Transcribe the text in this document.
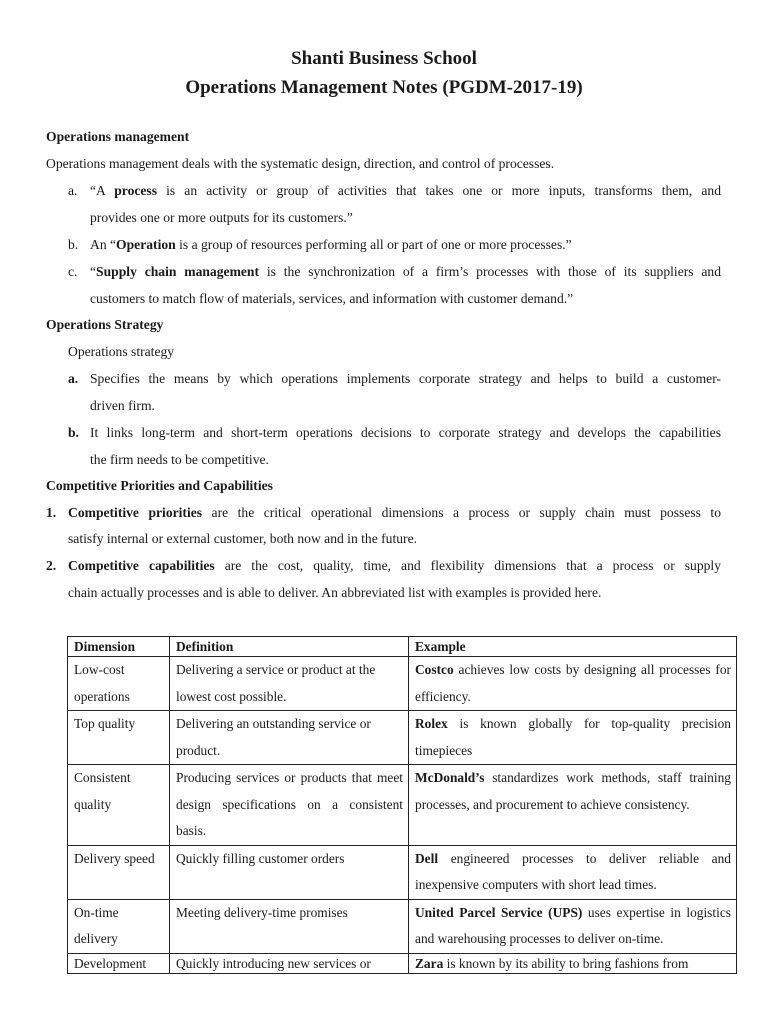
Shanti Business School
Operations Management Notes (PGDM-2017-19)
Operations management
Operations management deals with the systematic design, direction, and control of processes.
a. “A process is an activity or group of activities that takes one or more inputs, transforms them, and
provides one or more outputs for its customers.”
b. An “Operation is a group of resources performing all or part of one or more processes.”
c. “Supply chain management is the synchronization of a firm’s processes with those of its suppliers and
customers to match flow of materials, services, and information with customer demand.”
Operations Strategy
Operations strategy
a. Specifies the means by which operations implements corporate strategy and helps to build a customer-
driven firm.
b. It links long-term and short-term operations decisions to corporate strategy and develops the capabilities
the firm needs to be competitive.
Competitive Priorities and Capabilities
1. Competitive priorities are the critical operational dimensions a process or supply chain must possess to
satisfy internal or external customer, both now and in the future.
2. Competitive capabilities are the cost, quality, time, and flexibility dimensions that a process or supply
chain actually processes and is able to deliver. An abbreviated list with examples is provided here.
Dimension	Definition	Example
Low-cost operations	Delivering a service or product at the lowest cost possible.	Costco achieves low costs by designing all processes for efficiency.
Top quality	Delivering an outstanding service or product.	Rolex is known globally for top-quality precision timepieces
Consistent quality	Producing services or products that meet design specifications on a consistent basis.	McDonald’s standardizes work methods, staff training processes, and procurement to achieve consistency.
Delivery speed	Quickly filling customer orders	Dell engineered processes to deliver reliable and inexpensive computers with short lead times.
On-time delivery	Meeting delivery-time promises	United Parcel Service (UPS) uses expertise in logistics and warehousing processes to deliver on-time.
Development	Quickly introducing new services or	Zara is known by its ability to bring fashions from
